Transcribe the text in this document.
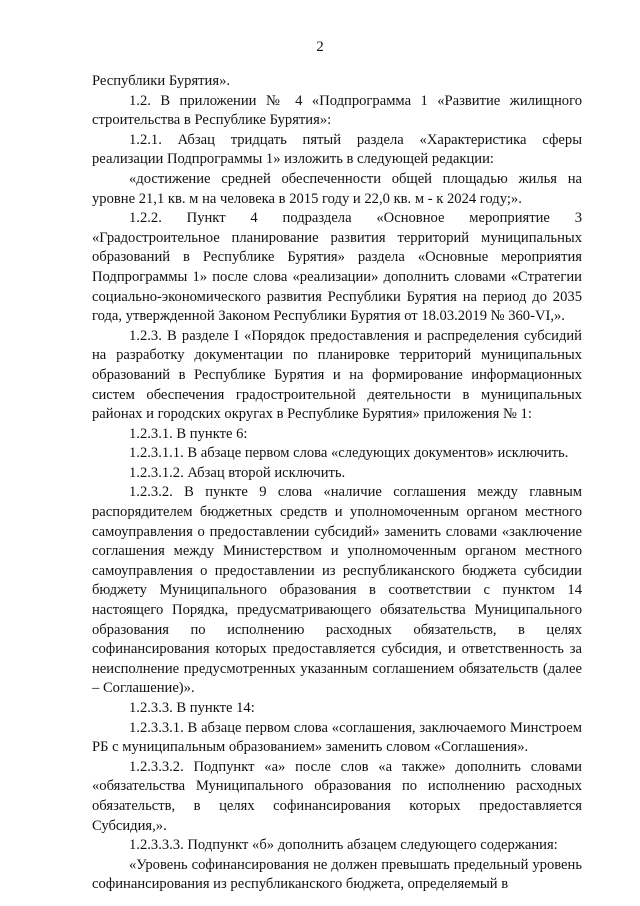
2

Республики Бурятия».

1.2. В приложении № 4 «Подпрограмма 1 «Развитие жилищного строительства в Республике Бурятия»:

1.2.1. Абзац тридцать пятый раздела «Характеристика сферы реализации Подпрограммы 1» изложить в следующей редакции:

«достижение средней обеспеченности общей площадью жилья на уровне 21,1 кв. м на человека в 2015 году и 22,0 кв. м - к 2024 году;».

1.2.2. Пункт 4 подраздела «Основное мероприятие 3 «Градостроительное планирование развития территорий муниципальных образований в Республике Бурятия» раздела «Основные мероприятия Подпрограммы 1» после слова «реализации» дополнить словами «Стратегии социально-экономического развития Республики Бурятия на период до 2035 года, утвержденной Законом Республики Бурятия от 18.03.2019 № 360-VI,».

1.2.3. В разделе I «Порядок предоставления и распределения субсидий на разработку документации по планировке территорий муниципальных образований в Республике Бурятия и на формирование информационных систем обеспечения градостроительной деятельности в муниципальных районах и городских округах в Республике Бурятия» приложения № 1:

1.2.3.1. В пункте 6:

1.2.3.1.1. В абзаце первом слова «следующих документов» исключить.

1.2.3.1.2. Абзац второй исключить.

1.2.3.2. В пункте 9 слова «наличие соглашения между главным распорядителем бюджетных средств и уполномоченным органом местного самоуправления о предоставлении субсидий» заменить словами «заключение соглашения между Министерством и уполномоченным органом местного самоуправления о предоставлении из республиканского бюджета субсидии бюджету Муниципального образования в соответствии с пунктом 14 настоящего Порядка, предусматривающего обязательства Муниципального образования по исполнению расходных обязательств, в целях софинансирования которых предоставляется субсидия, и ответственность за неисполнение предусмотренных указанным соглашением обязательств (далее – Соглашение)».

1.2.3.3. В пункте 14:

1.2.3.3.1. В абзаце первом слова «соглашения, заключаемого Минстроем РБ с муниципальным образованием» заменить словом «Соглашения».

1.2.3.3.2. Подпункт «а» после слов «а также» дополнить словами «обязательства Муниципального образования по исполнению расходных обязательств, в целях софинансирования которых предоставляется Субсидия,».

1.2.3.3.3. Подпункт «б» дополнить абзацем следующего содержания:

«Уровень софинансирования не должен превышать предельный уровень софинансирования из республиканского бюджета, определяемый в
